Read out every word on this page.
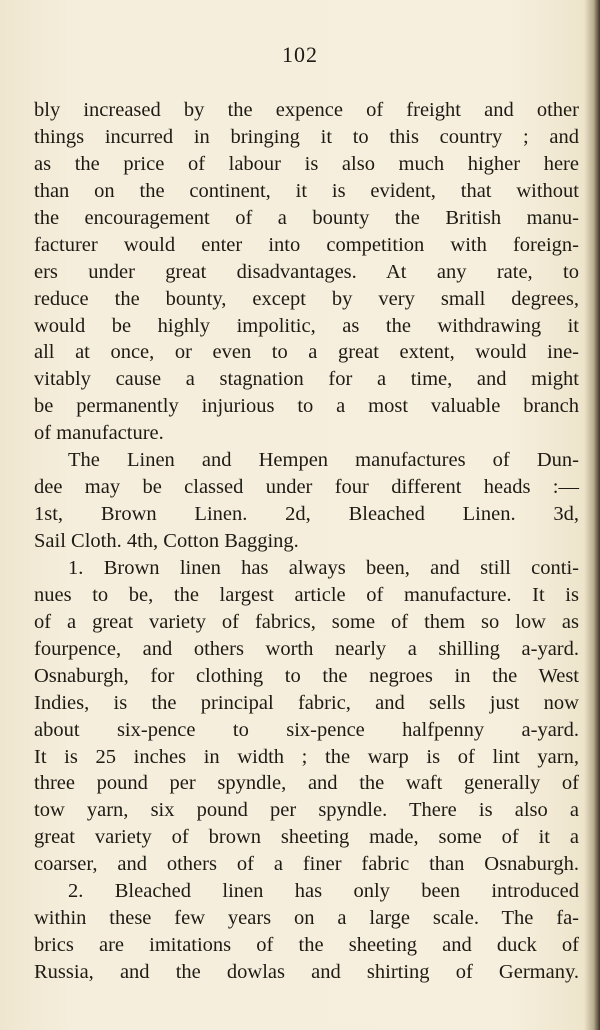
102
bly increased by the expence of freight and other
things incurred in bringing it to this country ; and
as the price of labour is also much higher here
than on the continent, it is evident, that without
the encouragement of a bounty the British manu-
facturer would enter into competition with foreign-
ers under great disadvantages. At any rate, to
reduce the bounty, except by very small degrees,
would be highly impolitic, as the withdrawing it
all at once, or even to a great extent, would ine-
vitably cause a stagnation for a time, and might
be permanently injurious to a most valuable branch
of manufacture.
The Linen and Hempen manufactures of Dun-
dee may be classed under four different heads :—
1st, Brown Linen. 2d, Bleached Linen. 3d,
Sail Cloth. 4th, Cotton Bagging.
1. Brown linen has always been, and still conti-
nues to be, the largest article of manufacture. It is
of a great variety of fabrics, some of them so low as
fourpence, and others worth nearly a shilling a-yard.
Osnaburgh, for clothing to the negroes in the West
Indies, is the principal fabric, and sells just now
about six-pence to six-pence halfpenny a-yard.
It is 25 inches in width ; the warp is of lint yarn,
three pound per spyndle, and the waft generally of
tow yarn, six pound per spyndle. There is also a
great variety of brown sheeting made, some of it a
coarser, and others of a finer fabric than Osnaburgh.
2. Bleached linen has only been introduced
within these few years on a large scale. The fa-
brics are imitations of the sheeting and duck of
Russia, and the dowlas and shirting of Germany.
